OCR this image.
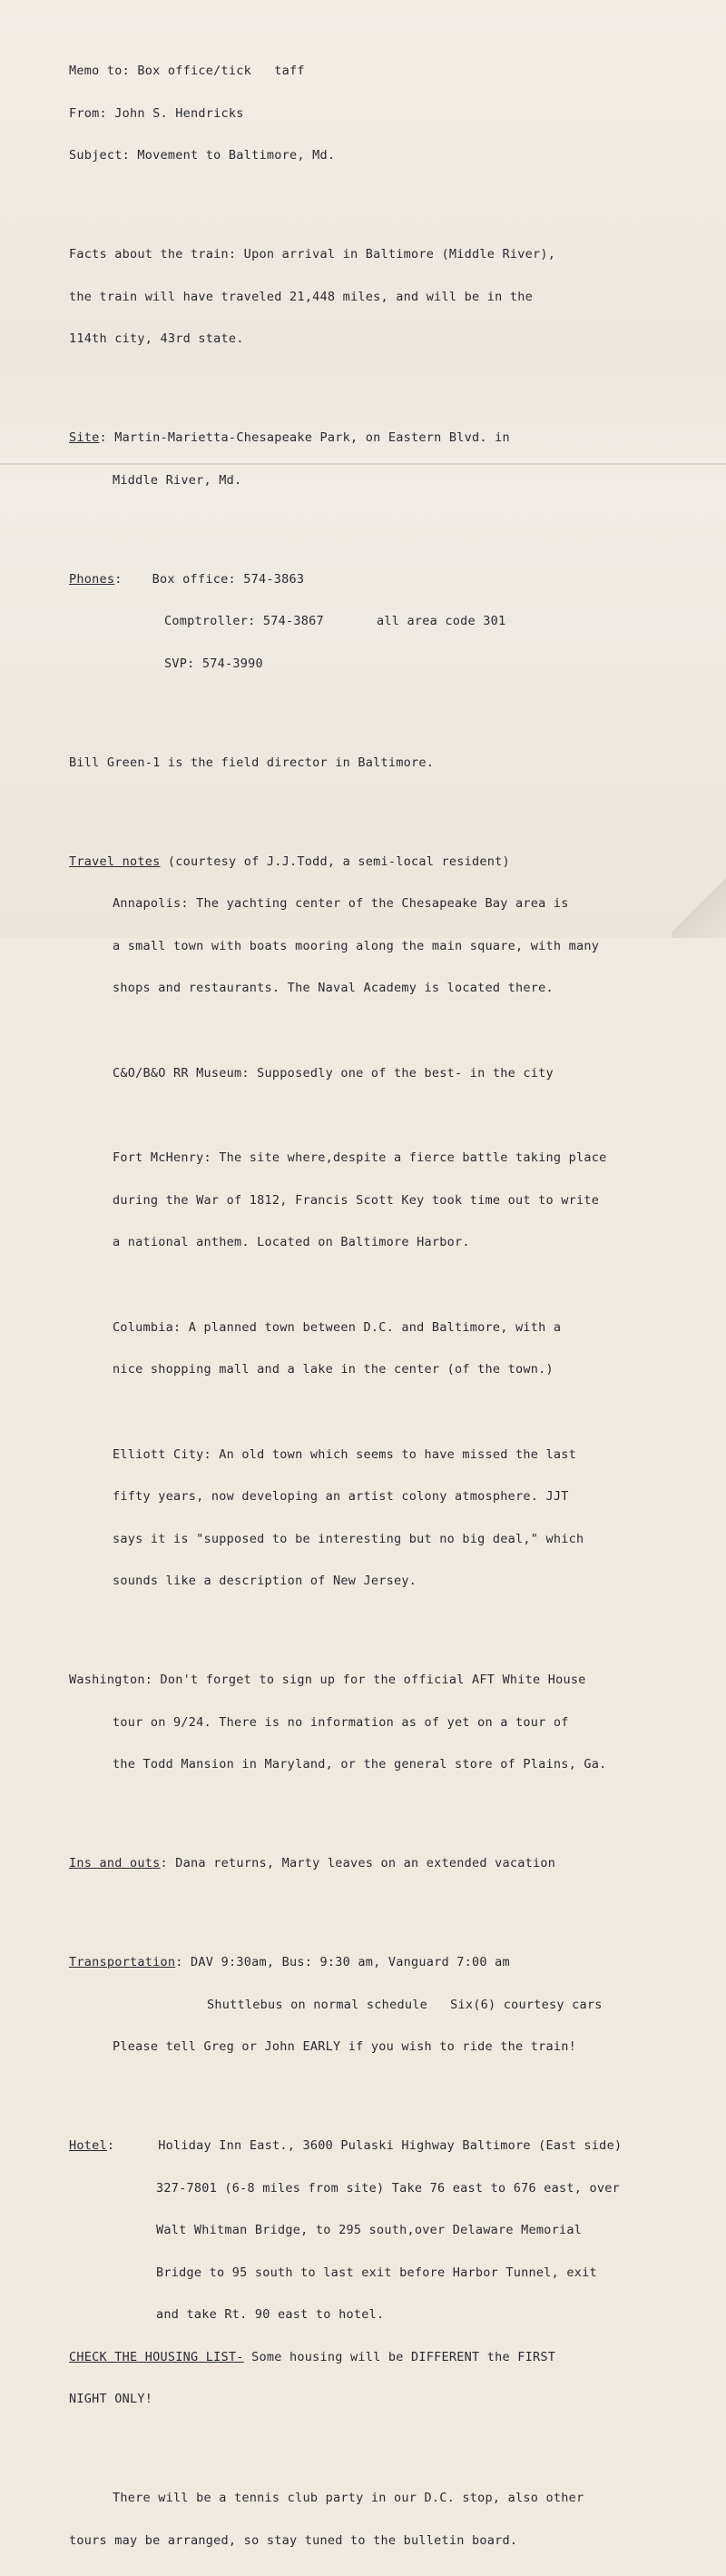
Memo to: Box office/tick   taff

From: John S. Hendricks

Subject: Movement to Baltimore, Md.

Facts about the train: Upon arrival in Baltimore (Middle River),

the train will have traveled 21,448 miles, and will be in the

114th city, 43rd state.

Site: Martin-Marietta-Chesapeake Park, on Eastern Blvd. in

Middle River, Md.

Phones: Box office: 574-3863

Comptroller: 574-3867	all area code 301

SVP: 574-3990

Bill Green-1 is the field director in Baltimore.

Travel notes (courtesy of J.J.Todd, a semi-local resident)

Annapolis: The yachting center of the Chesapeake Bay area is

a small town with boats mooring along the main square, with many

shops and restaurants. The Naval Academy is located there.

C&O/B&O RR Museum: Supposedly one of the best- in the city

Fort McHenry: The site where,despite a fierce battle taking place

during the War of 1812, Francis Scott Key took time out to write

a national anthem. Located on Baltimore Harbor.

Columbia: A planned town between D.C. and Baltimore, with a

nice shopping mall and a lake in the center (of the town.)

Elliott City: An old town which seems to have missed the last

fifty years, now developing an artist colony atmosphere. JJT

says it is "supposed to be interesting but no big deal," which

sounds like a description of New Jersey.

Washington: Don't forget to sign up for the official AFT White House

tour on 9/24. There is no information as of yet on a tour of

the Todd Mansion in Maryland, or the general store of Plains, Ga.

Ins and outs: Dana returns, Marty leaves on an extended vacation

Transportation: DAV 9:30am, Bus: 9:30 am, Vanguard 7:00 am

Shuttlebus on normal schedule   Six(6) courtesy cars

Please tell Greg or John EARLY if you wish to ride the train!

Hotel:	Holiday Inn East., 3600 Pulaski Highway Baltimore (East side)

327-7801 (6-8 miles from site) Take 76 east to 676 east, over

Walt Whitman Bridge, to 295 south,over Delaware Memorial

Bridge to 95 south to last exit before Harbor Tunnel, exit

and take Rt. 90 east to hotel.

CHECK THE HOUSING LIST- Some housing will be DIFFERENT the FIRST

NIGHT ONLY!

There will be a tennis club party in our D.C. stop, also other

tours may be arranged, so stay tuned to the bulletin board.
